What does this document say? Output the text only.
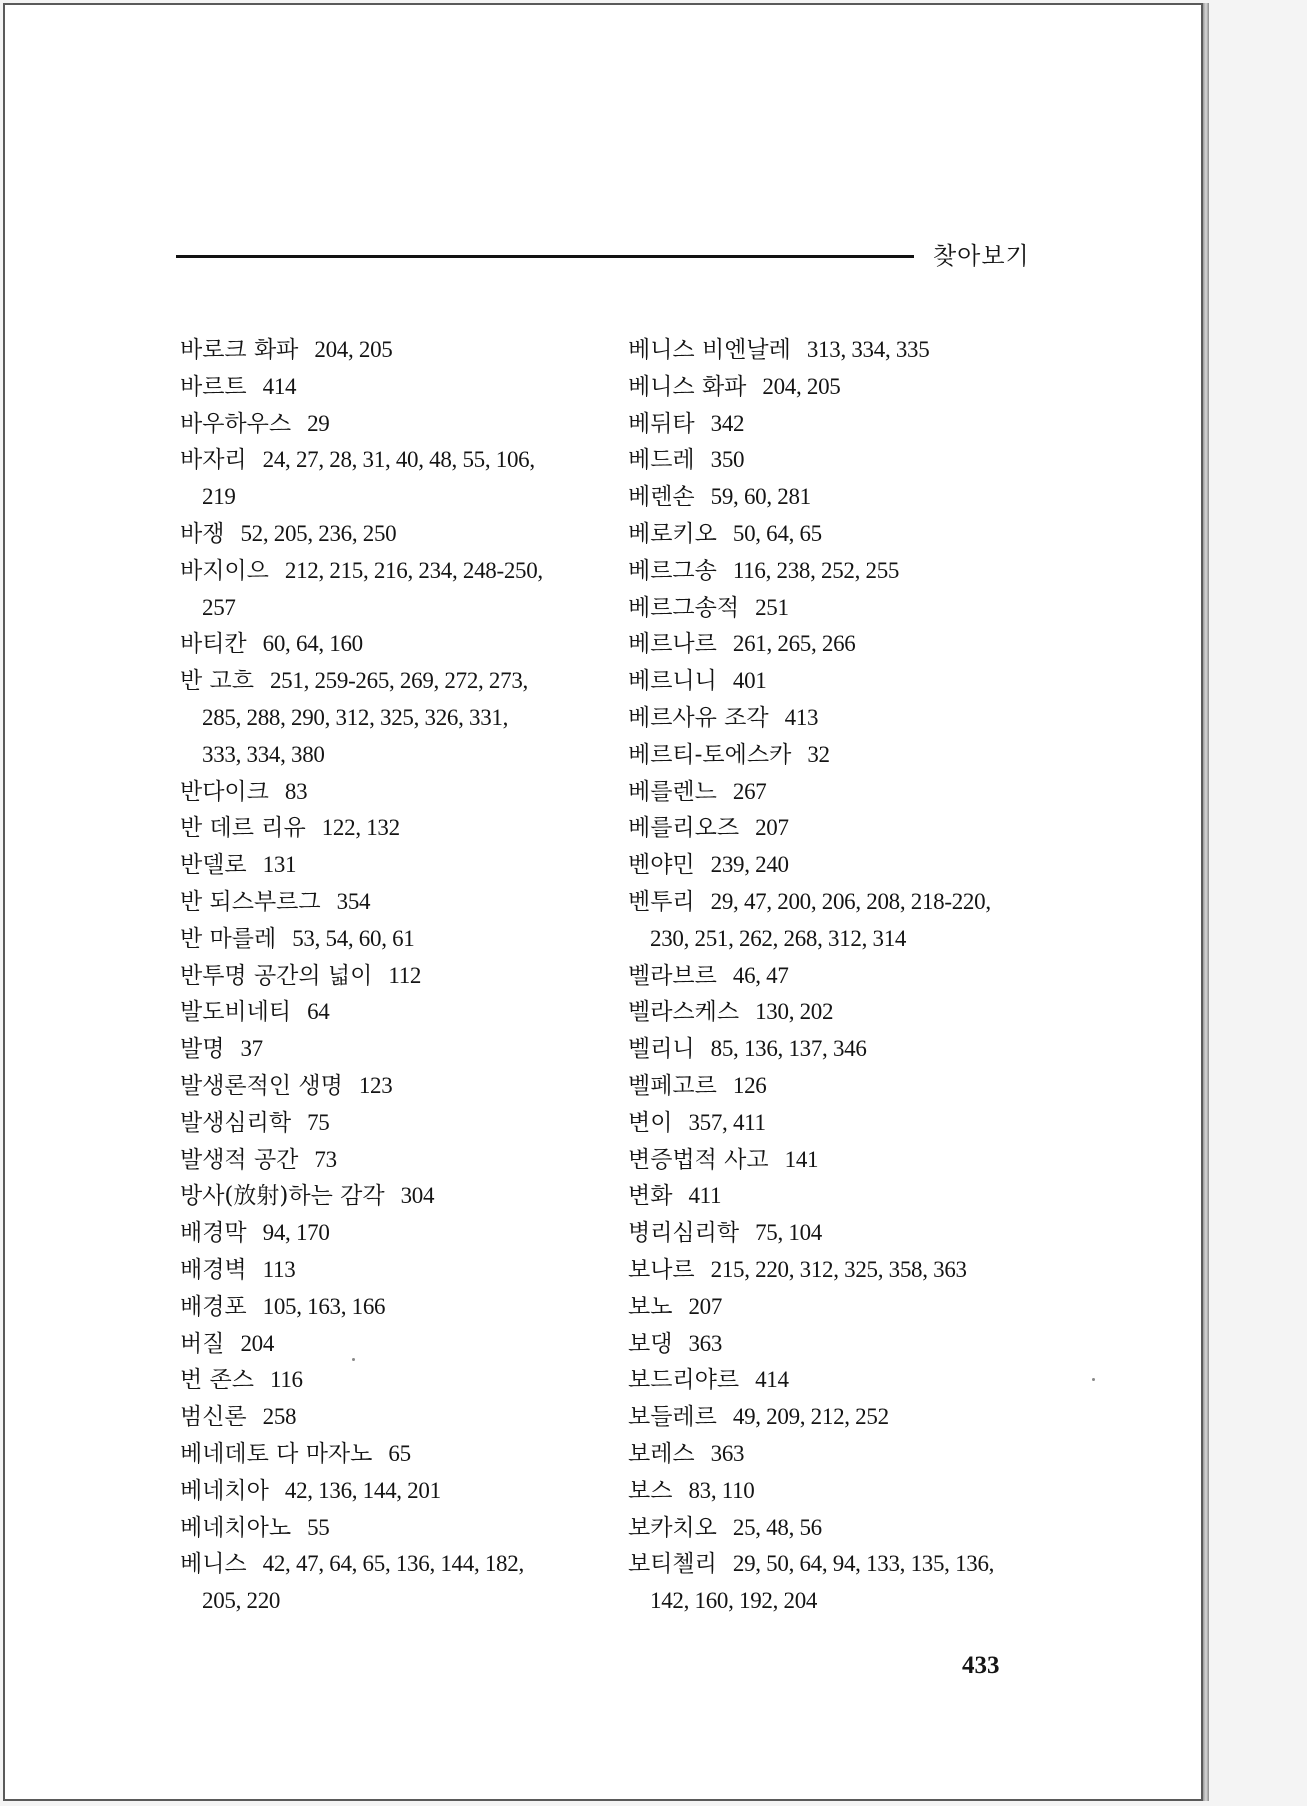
찾아보기
바로크 화파 204, 205
바르트 414
바우하우스 29
바자리 24, 27, 28, 31, 40, 48, 55, 106,
219
바쟁 52, 205, 236, 250
바지이으 212, 215, 216, 234, 248-250,
257
바티칸 60, 64, 160
반 고흐 251, 259-265, 269, 272, 273,
285, 288, 290, 312, 325, 326, 331,
333, 334, 380
반다이크 83
반 데르 리유 122, 132
반델로 131
반 되스부르그 354
반 마를레 53, 54, 60, 61
반투명 공간의 넓이 112
발도비네티 64
발명 37
발생론적인 생명 123
발생심리학 75
발생적 공간 73
방사(放射)하는 감각 304
배경막 94, 170
배경벽 113
배경포 105, 163, 166
버질 204
번 존스 116
범신론 258
베네데토 다 마자노 65
베네치아 42, 136, 144, 201
베네치아노 55
베니스 42, 47, 64, 65, 136, 144, 182,
205, 220
베니스 비엔날레 313, 334, 335
베니스 화파 204, 205
베뒤타 342
베드레 350
베렌손 59, 60, 281
베로키오 50, 64, 65
베르그송 116, 238, 252, 255
베르그송적 251
베르나르 261, 265, 266
베르니니 401
베르사유 조각 413
베르티-토에스카 32
베를렌느 267
베를리오즈 207
벤야민 239, 240
벤투리 29, 47, 200, 206, 208, 218-220,
230, 251, 262, 268, 312, 314
벨라브르 46, 47
벨라스케스 130, 202
벨리니 85, 136, 137, 346
벨페고르 126
변이 357, 411
변증법적 사고 141
변화 411
병리심리학 75, 104
보나르 215, 220, 312, 325, 358, 363
보노 207
보댕 363
보드리야르 414
보들레르 49, 209, 212, 252
보레스 363
보스 83, 110
보카치오 25, 48, 56
보티첼리 29, 50, 64, 94, 133, 135, 136,
142, 160, 192, 204
433
